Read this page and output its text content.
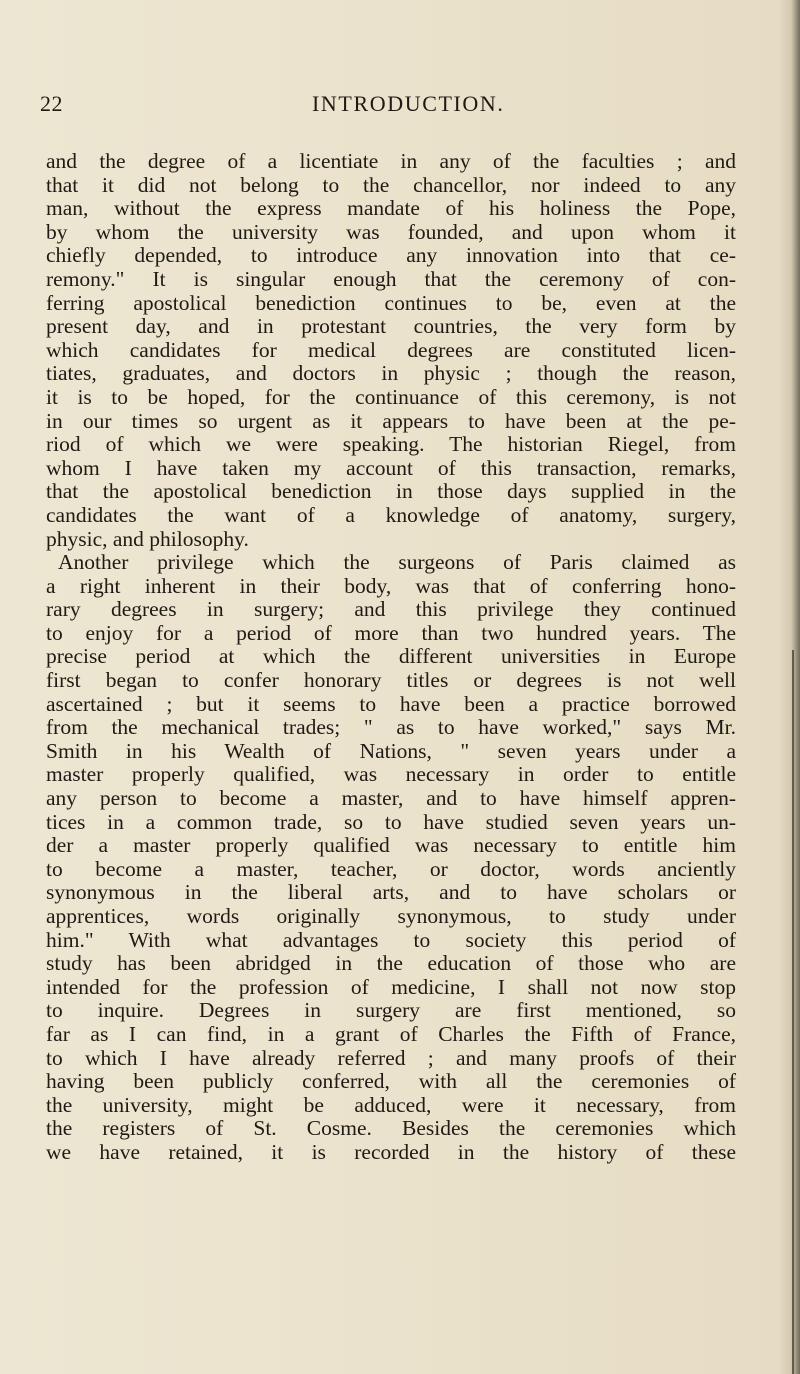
22	INTRODUCTION.
and the degree of a licentiate in any of the faculties ; and
that it did not belong to the chancellor, nor indeed to any
man, without the express mandate of his holiness the Pope,
by whom the university was founded, and upon whom it
chiefly depended, to introduce any innovation into that ce-
remony." It is singular enough that the ceremony of con-
ferring apostolical benediction continues to be, even at the
present day, and in protestant countries, the very form by
which candidates for medical degrees are constituted licen-
tiates, graduates, and doctors in physic ; though the reason,
it is to be hoped, for the continuance of this ceremony, is not
in our times so urgent as it appears to have been at the pe-
riod of which we were speaking. The historian Riegel, from
whom I have taken my account of this transaction, remarks,
that the apostolical benediction in those days supplied in the
candidates the want of a knowledge of anatomy, surgery,
physic, and philosophy.
Another privilege which the surgeons of Paris claimed as
a right inherent in their body, was that of conferring hono-
rary degrees in surgery; and this privilege they continued
to enjoy for a period of more than two hundred years. The
precise period at which the different universities in Europe
first began to confer honorary titles or degrees is not well
ascertained ; but it seems to have been a practice borrowed
from the mechanical trades; " as to have worked," says Mr.
Smith in his Wealth of Nations, " seven years under a
master properly qualified, was necessary in order to entitle
any person to become a master, and to have himself appren-
tices in a common trade, so to have studied seven years un-
der a master properly qualified was necessary to entitle him
to become a master, teacher, or doctor, words anciently
synonymous in the liberal arts, and to have scholars or
apprentices, words originally synonymous, to study under
him." With what advantages to society this period of
study has been abridged in the education of those who are
intended for the profession of medicine, I shall not now stop
to inquire. Degrees in surgery are first mentioned, so
far as I can find, in a grant of Charles the Fifth of France,
to which I have already referred ; and many proofs of their
having been publicly conferred, with all the ceremonies of
the university, might be adduced, were it necessary, from
the registers of St. Cosme. Besides the ceremonies which
we have retained, it is recorded in the history of these
